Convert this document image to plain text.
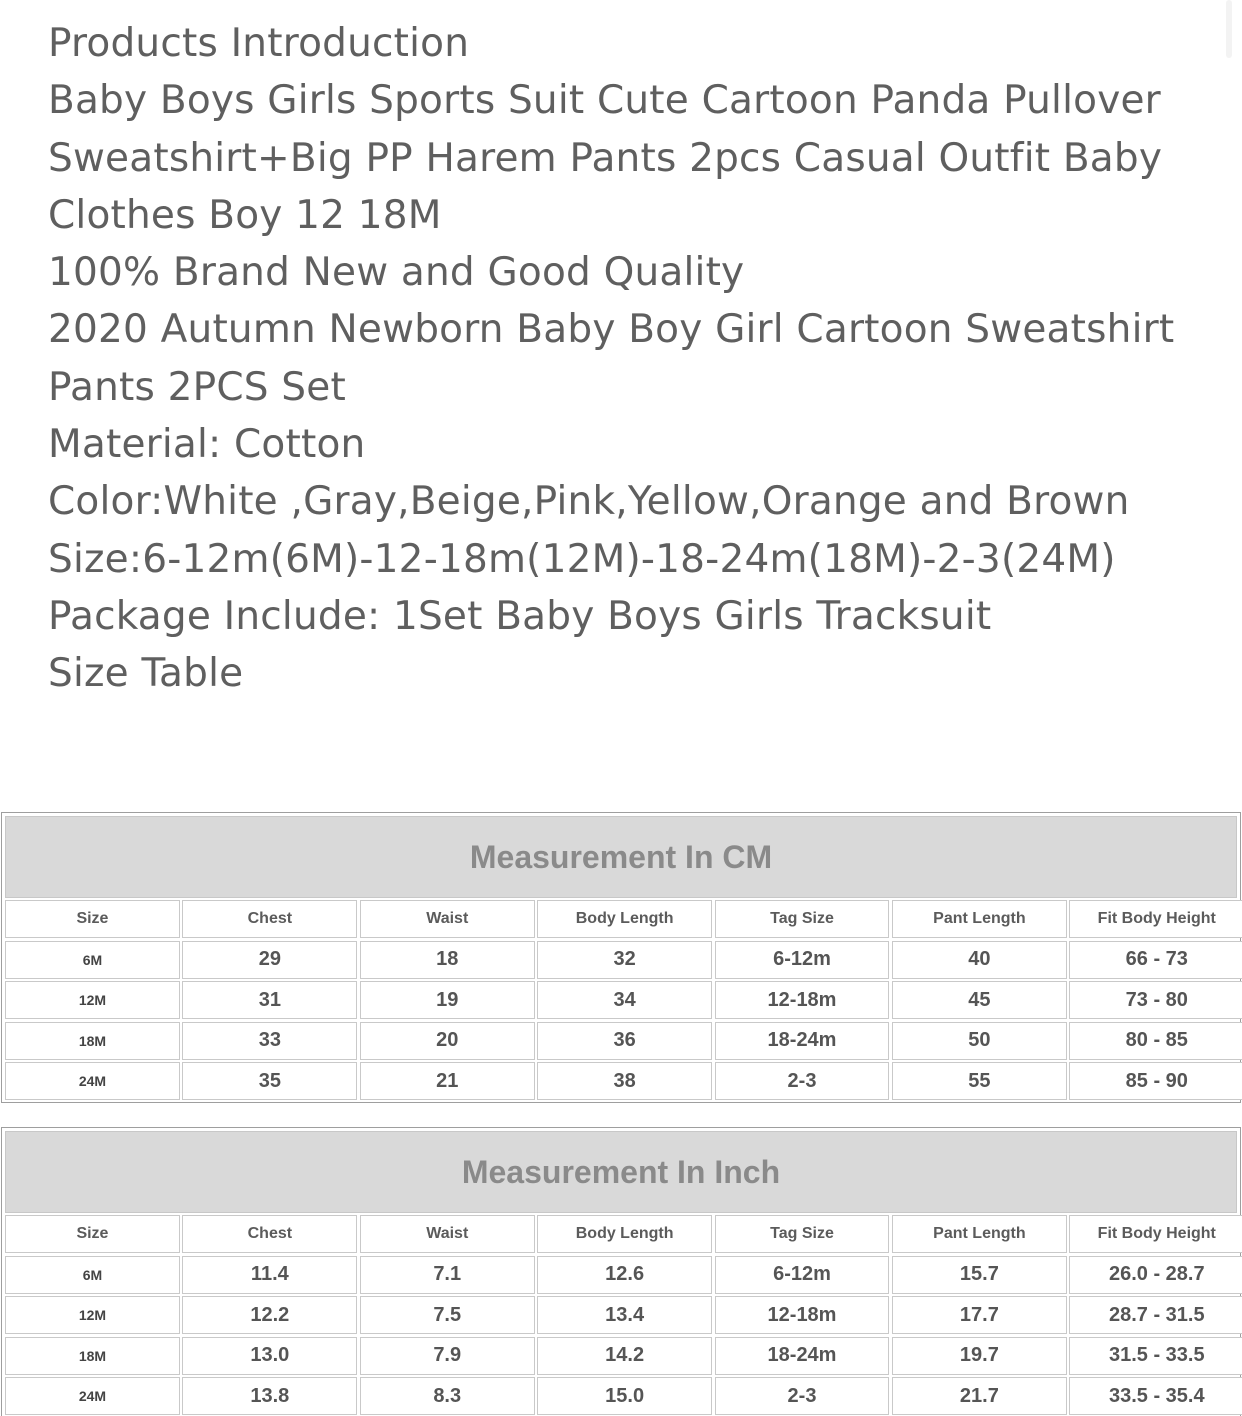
Products Introduction
Baby Boys Girls Sports Suit Cute Cartoon Panda Pullover
Sweatshirt+Big PP Harem Pants 2pcs Casual Outfit Baby
Clothes Boy 12 18M
100% Brand New and Good Quality
2020 Autumn Newborn Baby Boy Girl Cartoon Sweatshirt
Pants 2PCS Set
Material: Cotton
Color:White ,Gray,Beige,Pink,Yellow,Orange and Brown
Size:6-12m(6M)-12-18m(12M)-18-24m(18M)-2-3(24M)
Package Include: 1Set Baby Boys Girls Tracksuit
Size Table
Measurement In CM
Size	Chest	Waist	Body Length	Tag Size	Pant Length	Fit Body Height
6M	29	18	32	6-12m	40	66 - 73
12M	31	19	34	12-18m	45	73 - 80
18M	33	20	36	18-24m	50	80 - 85
24M	35	21	38	2-3	55	85 - 90
Measurement In Inch
Size	Chest	Waist	Body Length	Tag Size	Pant Length	Fit Body Height
6M	11.4	7.1	12.6	6-12m	15.7	26.0 - 28.7
12M	12.2	7.5	13.4	12-18m	17.7	28.7 - 31.5
18M	13.0	7.9	14.2	18-24m	19.7	31.5 - 33.5
24M	13.8	8.3	15.0	2-3	21.7	33.5 - 35.4
